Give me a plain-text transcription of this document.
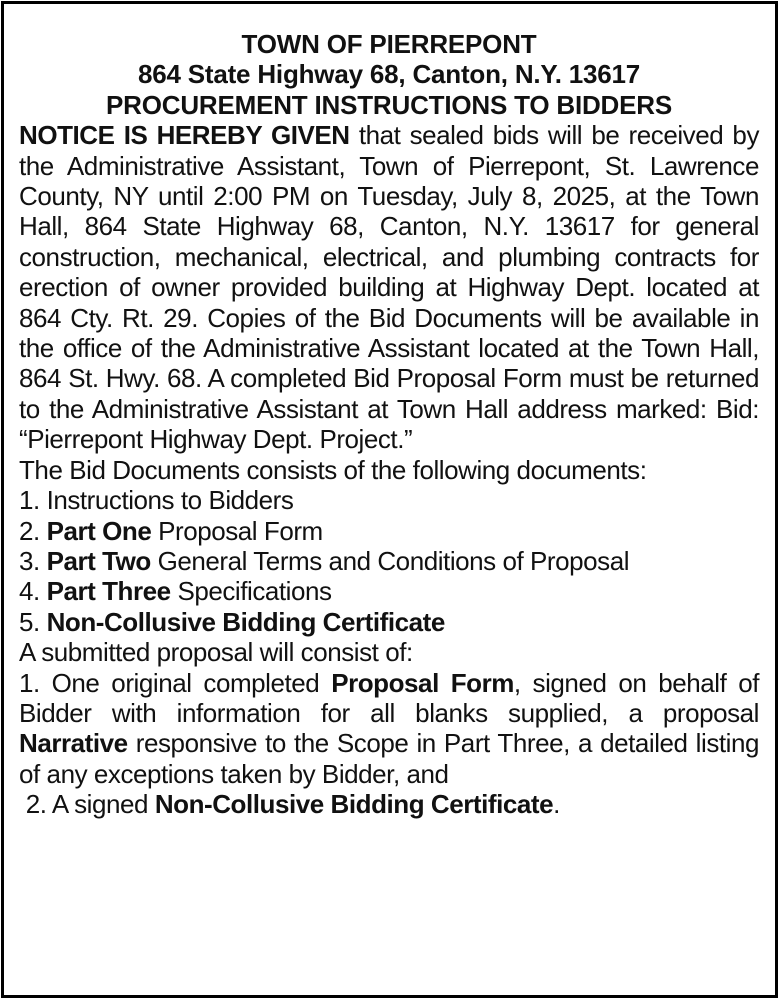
TOWN OF PIERREPONT

864 State Highway 68, Canton, N.Y. 13617

PROCUREMENT INSTRUCTIONS TO BIDDERS

NOTICE IS HEREBY GIVEN that sealed bids will be received by the Administrative Assistant, Town of Pierrepont, St. Lawrence County, NY until 2:00 PM on Tuesday, July 8, 2025, at the Town Hall, 864 State Highway 68, Canton, N.Y. 13617 for general construction, mechanical, electrical, and plumbing contracts for erection of owner provided building at Highway Dept. located at 864 Cty. Rt. 29. Copies of the Bid Documents will be available in the office of the Administrative Assistant located at the Town Hall, 864 St. Hwy. 68. A completed Bid Proposal Form must be returned to the Administrative Assistant at Town Hall address marked: Bid: “Pierrepont Highway Dept. Project.”

The Bid Documents consists of the following documents:

1. Instructions to Bidders

2. Part One Proposal Form

3. Part Two General Terms and Conditions of Proposal

4. Part Three Specifications

5. Non-Collusive Bidding Certificate

A submitted proposal will consist of:

1. One original completed Proposal Form, signed on behalf of Bidder with information for all blanks supplied, a proposal Narrative responsive to the Scope in Part Three, a detailed listing of any exceptions taken by Bidder, and

2. A signed Non-Collusive Bidding Certificate.
